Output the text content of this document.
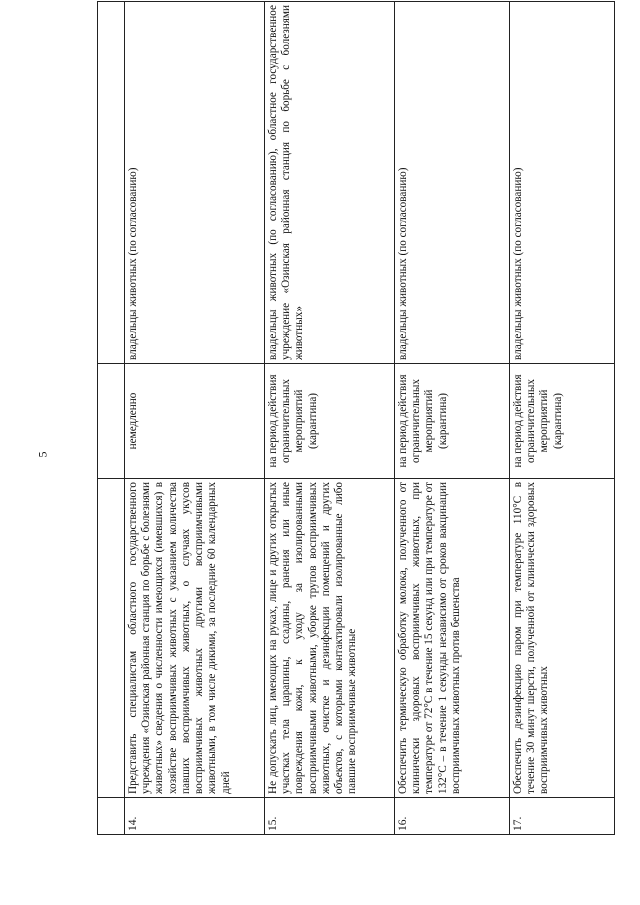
5

14.	Представить специалистам областного государственного учреждения «Озинская районная станция по борьбе с болезнями животных» сведения о численности имеющихся (имевшихся) в хозяйстве восприимчивых животных с указанием количества павших восприимчивых животных, о случаях укусов восприимчивых животных другими восприимчивыми животными, в том числе дикими, за последние 60 календарных дней	немедленно	владельцы животных (по согласованию)
15.	Не допускать лиц, имеющих на руках, лице и других открытых участках тела царапины, ссадины, ранения или иные повреждения кожи, к уходу за изолированными восприимчивыми животными, уборке трупов восприимчивых животных, очистке и дезинфекции помещений и других объектов, с которыми контактировали изолированные либо павшие восприимчивые животные	на период действия ограничительных мероприятий (карантина)	владельцы животных (по согласованию), областное государственное учреждение «Озинская районная станция по борьбе с болезнями животных»
16.	Обеспечить термическую обработку молока, полученного от клинически здоровых восприимчивых животных, при температуре от 72°С в течение 15 секунд или при температуре от 132°С – в течение 1 секунды независимо от сроков вакцинации восприимчивых животных против бешенства	на период действия ограничительных мероприятий (карантина)	владельцы животных (по согласованию)
17.	Обеспечить дезинфекцию паром при температуре 110°С в течение 30 минут шерсти, полученной от клинически здоровых восприимчивых животных	на период действия ограничительных мероприятий (карантина)	владельцы животных (по согласованию)
